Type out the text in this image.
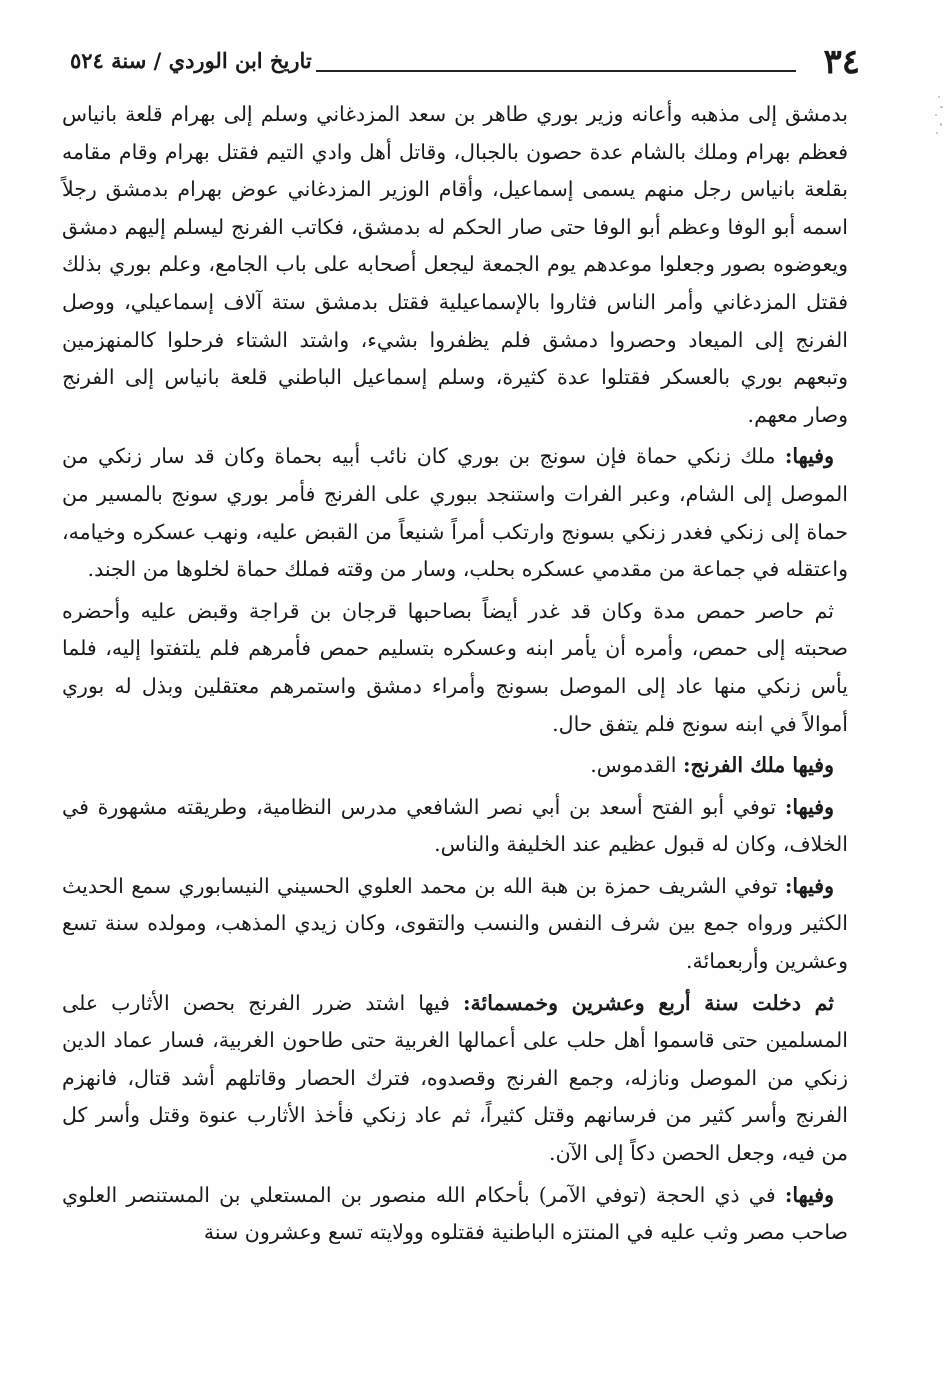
٣٤
تاريخ ابن الوردي / سنة ٥٢٤

بدمشق إلى مذهبه وأعانه وزير بوري طاهر بن سعد المزدغاني وسلم إلى بهرام قلعة بانياس فعظم بهرام وملك بالشام عدة حصون بالجبال، وقاتل أهل وادي التيم فقتل بهرام وقام مقامه بقلعة بانياس رجل منهم يسمى إسماعيل، وأقام الوزير المزدغاني عوض بهرام بدمشق رجلاً اسمه أبو الوفا وعظم أبو الوفا حتى صار الحكم له بدمشق، فكاتب الفرنج ليسلم إليهم دمشق ويعوضوه بصور وجعلوا موعدهم يوم الجمعة ليجعل أصحابه على باب الجامع، وعلم بوري بذلك فقتل المزدغاني وأمر الناس فثاروا بالإسماعيلية فقتل بدمشق ستة آلاف إسماعيلي، ووصل الفرنج إلى الميعاد وحصروا دمشق فلم يظفروا بشيء، واشتد الشتاء فرحلوا كالمنهزمين وتبعهم بوري بالعسكر فقتلوا عدة كثيرة، وسلم إسماعيل الباطني قلعة بانياس إلى الفرنج وصار معهم.

وفيها: ملك زنكي حماة فإن سونج بن بوري كان نائب أبيه بحماة وكان قد سار زنكي من الموصل إلى الشام، وعبر الفرات واستنجد ببوري على الفرنج فأمر بوري سونج بالمسير من حماة إلى زنكي فغدر زنكي بسونج وارتكب أمراً شنيعاً من القبض عليه، ونهب عسكره وخيامه، واعتقله في جماعة من مقدمي عسكره بحلب، وسار من وقته فملك حماة لخلوها من الجند.

ثم حاصر حمص مدة وكان قد غدر أيضاً بصاحبها قرجان بن قراجة وقبض عليه وأحضره صحبته إلى حمص، وأمره أن يأمر ابنه وعسكره بتسليم حمص فأمرهم فلم يلتفتوا إليه، فلما يأس زنكي منها عاد إلى الموصل بسونج وأمراء دمشق واستمرهم معتقلين وبذل له بوري أموالاً في ابنه سونج فلم يتفق حال.

وفيها ملك الفرنج: القدموس.

وفيها: توفي أبو الفتح أسعد بن أبي نصر الشافعي مدرس النظامية، وطريقته مشهورة في الخلاف، وكان له قبول عظيم عند الخليفة والناس.

وفيها: توفي الشريف حمزة بن هبة الله بن محمد العلوي الحسيني النيسابوري سمع الحديث الكثير ورواه جمع بين شرف النفس والنسب والتقوى، وكان زيدي المذهب، ومولده سنة تسع وعشرين وأربعمائة.

ثم دخلت سنة أربع وعشرين وخمسمائة: فيها اشتد ضرر الفرنج بحصن الأثارب على المسلمين حتى قاسموا أهل حلب على أعمالها الغربية حتى طاحون الغربية، فسار عماد الدين زنكي من الموصل ونازله، وجمع الفرنج وقصدوه، فترك الحصار وقاتلهم أشد قتال، فانهزم الفرنج وأسر كثير من فرسانهم وقتل كثيراً، ثم عاد زنكي فأخذ الأثارب عنوة وقتل وأسر كل من فيه، وجعل الحصن دكاً إلى الآن.

وفيها: في ذي الحجة (توفي الآمر) بأحكام الله منصور بن المستعلي بن المستنصر العلوي صاحب مصر وثب عليه في المنتزه الباطنية فقتلوه وولايته تسع وعشرون سنة
